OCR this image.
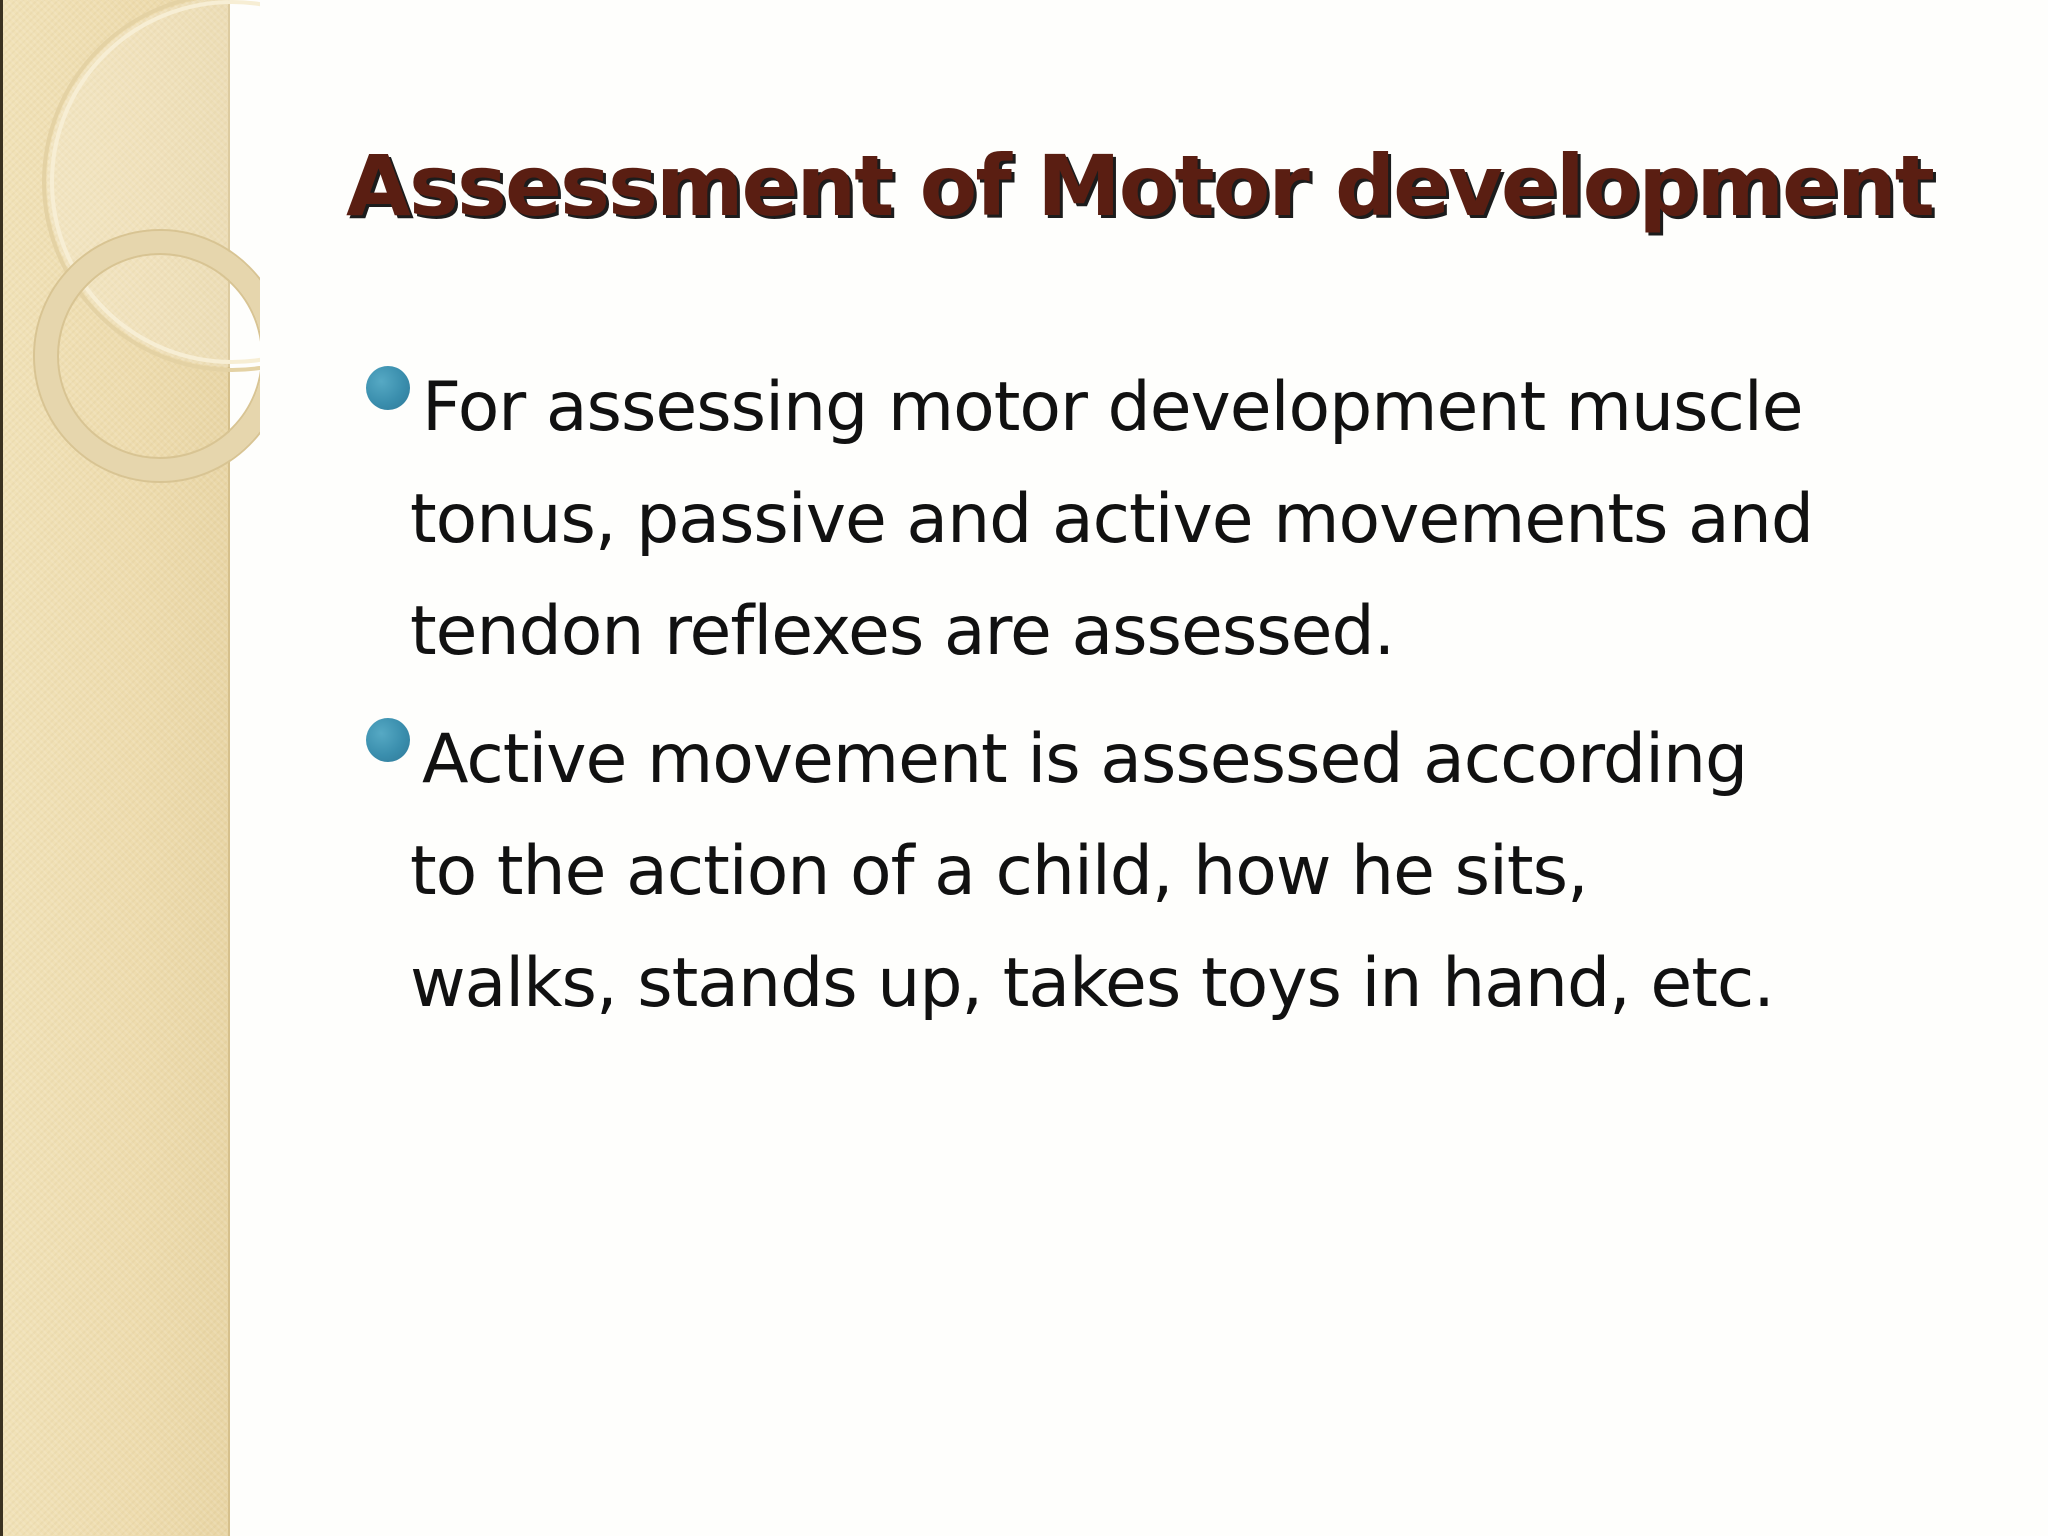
Assessment of Motor development
For assessing motor development muscle
tonus, passive and active movements and
tendon reflexes are assessed.
Active movement is assessed according
to the action of a child, how he sits,
walks, stands up, takes toys in hand, etc.
